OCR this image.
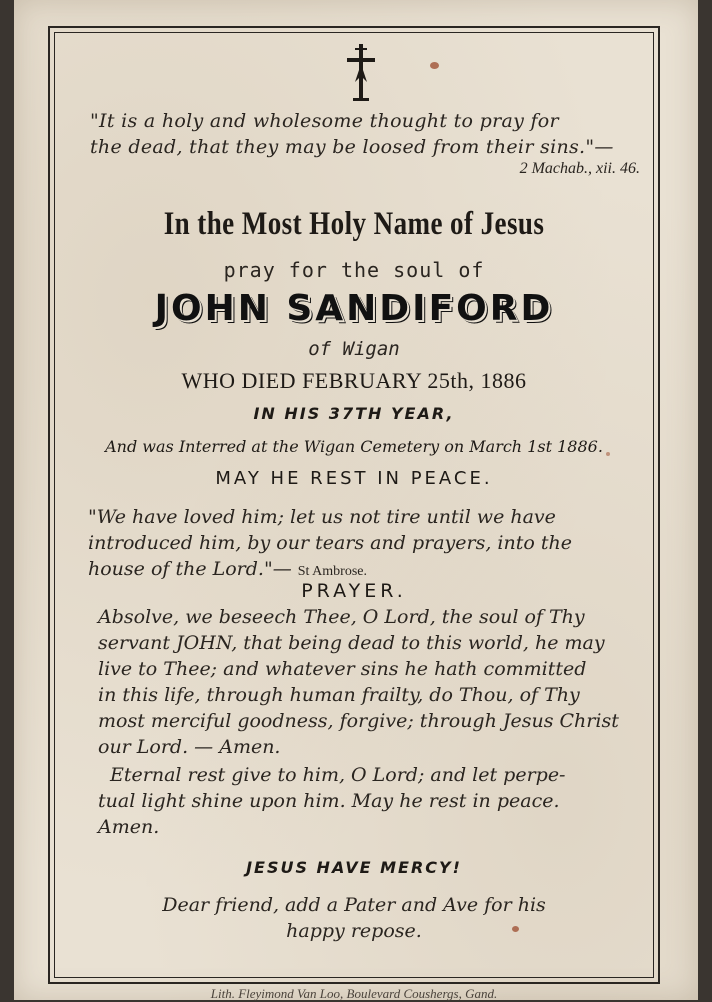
"It is a holy and wholesome thought to pray for
the dead, that they may be loosed from their sins."—
2 Machab., xii. 46.
In the Most Holy Name of Jesus
pray for the soul of
JOHN SANDIFORD
of Wigan
WHO DIED FEBRUARY 25th, 1886
IN HIS 37TH YEAR,
And was Interred at the Wigan Cemetery on March 1st 1886.
MAY HE REST IN PEACE.
"We have loved him; let us not tire until we have
introduced him, by our tears and prayers, into the
house of the Lord."— St Ambrose.
PRAYER.
Absolve, we beseech Thee, O Lord, the soul of Thy
servant JOHN, that being dead to this world, he may
live to Thee; and whatever sins he hath committed
in this life, through human frailty, do Thou, of Thy
most merciful goodness, forgive; through Jesus Christ
our Lord. — Amen.
Eternal rest give to him, O Lord; and let perpe-
tual light shine upon him. May he rest in peace.
Amen.
JESUS HAVE MERCY!
Dear friend, add a Pater and Ave for his
happy repose.
Lith. Fleyimond Van Loo, Boulevard Coushergs, Gand.
